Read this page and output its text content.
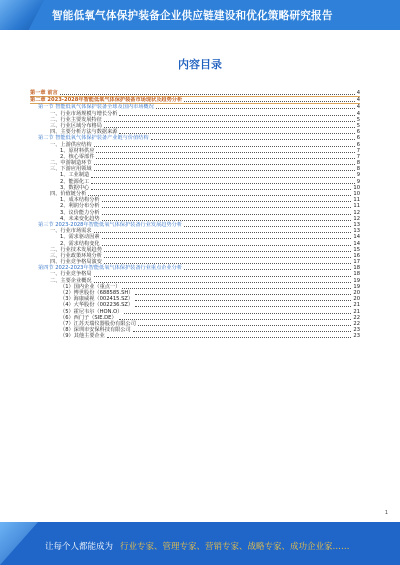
智能低氧气体保护装备企业供应链建设和优化策略研究报告
内容目录
第一章 前言	4
第二章 2023-2028年智能低氧气体保护装备市场现状及趋势分析	4
第一节 智能低氧气体保护装备全球及国内市场概况	4
一、行业市场规模与增长分析	4
二、行业主要发展特征	5
三、行业区域分布格局	5
四、主要分析方法与数据来源	6
第二节 智能低氧气体保护装备产业链与价值结构	6
一、上游供应结构	6
1、原材料供应	7
2、核心零部件	7
二、中游制造环节	8
三、下游应用领域	8
1、工业制造	9
2、能源化工	9
3、数据中心	10
四、价值链分析	10
1、成本结构分析	11
2、利润分布分析	11
3、议价能力分析	12
4、未来变化趋势	12
第三节 2023-2028年智能低氧气体保护装备行业发展趋势分析	13
一、行业市场需求	13
1、需求驱动因素	14
2、需求结构变化	14
二、行业技术发展趋势	15
三、行业政策环境分析	16
四、行业竞争格局演变	17
第四节 2022-2023年智能低氧气体保护装备行业重点企业分析	18
一、行业竞争格局	18
二、主要企业概况	19
（1）国内企业（重点一）	19
（2）博世股份（688585.SH）	20
（3）海康威视（002415.SZ）	20
（4）大华股份（002236.SZ）	21
（5）霍尼韦尔（HON.O）	21
（6）西门子（SIE.DE）	22
（7）江苏天瑞仪器股份有限公司	22
（8）深圳市安保科技有限公司	23
（9）其他主要企业	23
1
让每个人都能成为 行业专家、管理专家、营销专家、战略专家、成功企业家……
